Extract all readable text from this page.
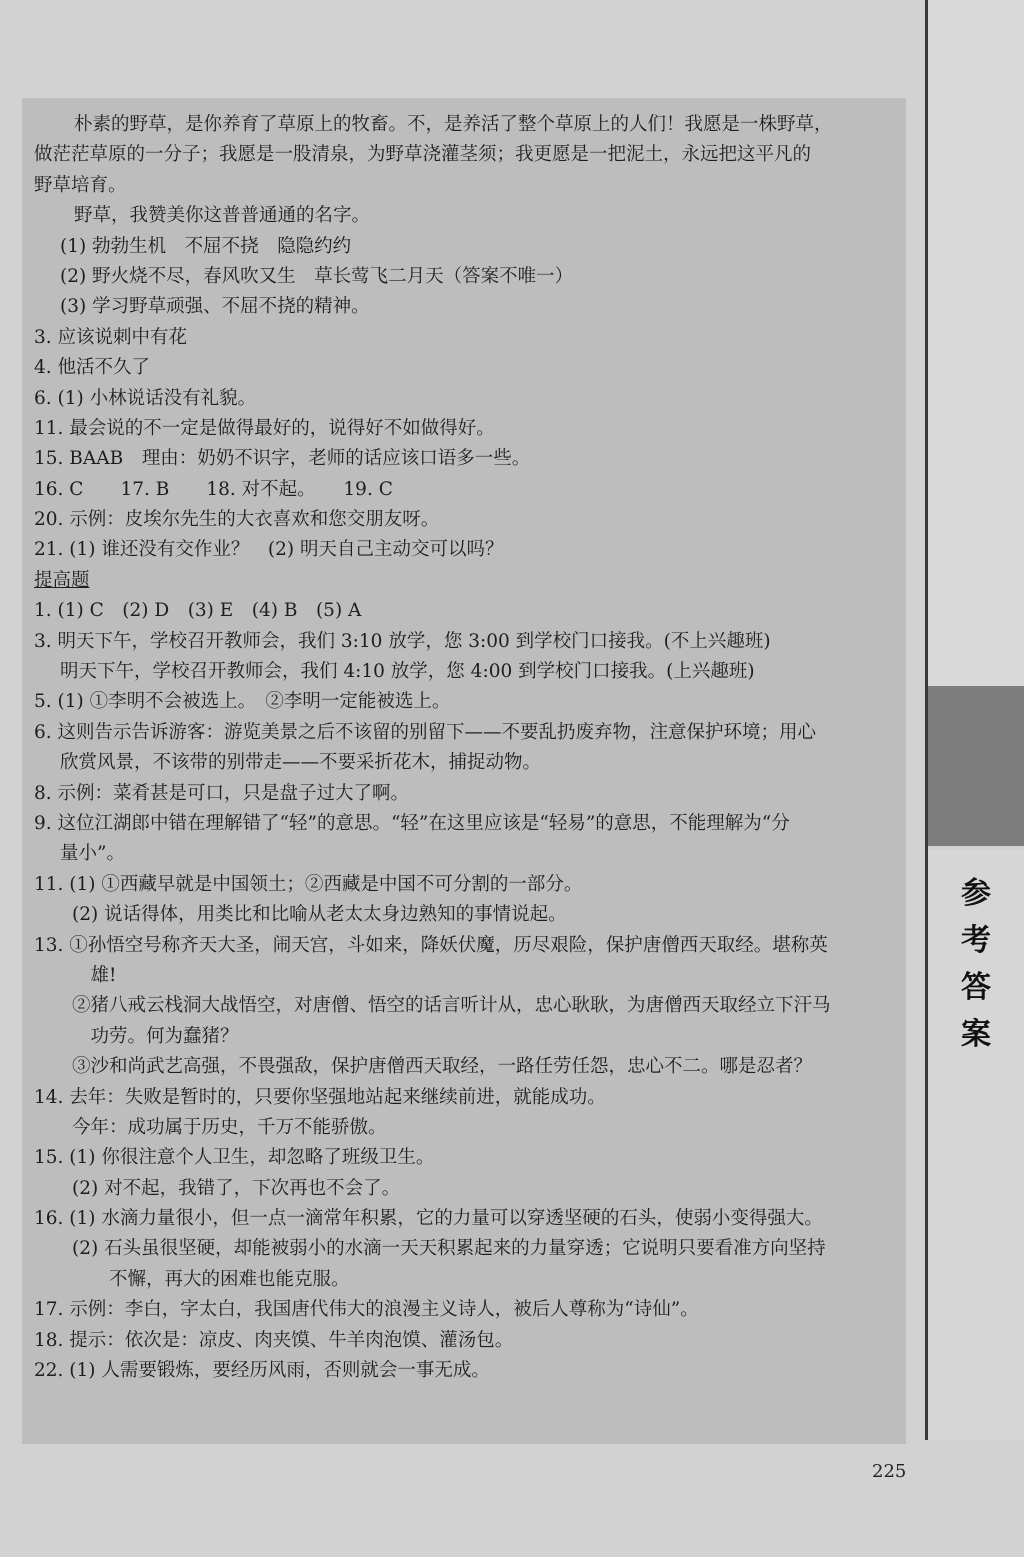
参
考
答
案
朴素的野草，是你养育了草原上的牧畜。不，是养活了整个草原上的人们！我愿是一株野草，
做茫茫草原的一分子；我愿是一股清泉，为野草浇灌茎须；我更愿是一把泥土，永远把这平凡的
野草培育。
野草，我赞美你这普普通通的名字。
(1) 勃勃生机　不屈不挠　隐隐约约
(2) 野火烧不尽，春风吹又生　草长莺飞二月天（答案不唯一）
(3) 学习野草顽强、不屈不挠的精神。
3. 应该说刺中有花
4. 他活不久了
6. (1) 小林说话没有礼貌。
11. 最会说的不一定是做得最好的，说得好不如做得好。
15. BAAB　理由：奶奶不识字，老师的话应该口语多一些。
16. C　　17. B　　18. 对不起。　　19. C
20. 示例：皮埃尔先生的大衣喜欢和您交朋友呀。
21. (1) 谁还没有交作业？　(2) 明天自己主动交可以吗？
提高题
1. (1) C　(2) D　(3) E　(4) B　(5) A
3. 明天下午，学校召开教师会，我们 3:10 放学，您 3:00 到学校门口接我。(不上兴趣班)
明天下午，学校召开教师会，我们 4:10 放学，您 4:00 到学校门口接我。(上兴趣班)
5. (1) ①李明不会被选上。　②李明一定能被选上。
6. 这则告示告诉游客：游览美景之后不该留的别留下——不要乱扔废弃物，注意保护环境；用心
欣赏风景，不该带的别带走——不要采折花木，捕捉动物。
8. 示例：菜肴甚是可口，只是盘子过大了啊。
9. 这位江湖郎中错在理解错了“轻”的意思。“轻”在这里应该是“轻易”的意思，不能理解为“分
量小”。
11. (1) ①西藏早就是中国领土；②西藏是中国不可分割的一部分。
(2) 说话得体，用类比和比喻从老太太身边熟知的事情说起。
13. ①孙悟空号称齐天大圣，闹天宫，斗如来，降妖伏魔，历尽艰险，保护唐僧西天取经。堪称英
　雄!
②猪八戒云栈洞大战悟空，对唐僧、悟空的话言听计从，忠心耿耿，为唐僧西天取经立下汗马
　功劳。何为蠢猪？
③沙和尚武艺高强，不畏强敌，保护唐僧西天取经，一路任劳任怨，忠心不二。哪是忍者？
14. 去年：失败是暂时的，只要你坚强地站起来继续前进，就能成功。
今年：成功属于历史，千万不能骄傲。
15. (1) 你很注意个人卫生，却忽略了班级卫生。
(2) 对不起，我错了，下次再也不会了。
16. (1) 水滴力量很小，但一点一滴常年积累，它的力量可以穿透坚硬的石头，使弱小变得强大。
(2) 石头虽很坚硬，却能被弱小的水滴一天天积累起来的力量穿透；它说明只要看准方向坚持
　　不懈，再大的困难也能克服。
17. 示例：李白，字太白，我国唐代伟大的浪漫主义诗人，被后人尊称为“诗仙”。
18. 提示：依次是：凉皮、肉夹馍、牛羊肉泡馍、灌汤包。
22. (1) 人需要锻炼，要经历风雨，否则就会一事无成。
225
